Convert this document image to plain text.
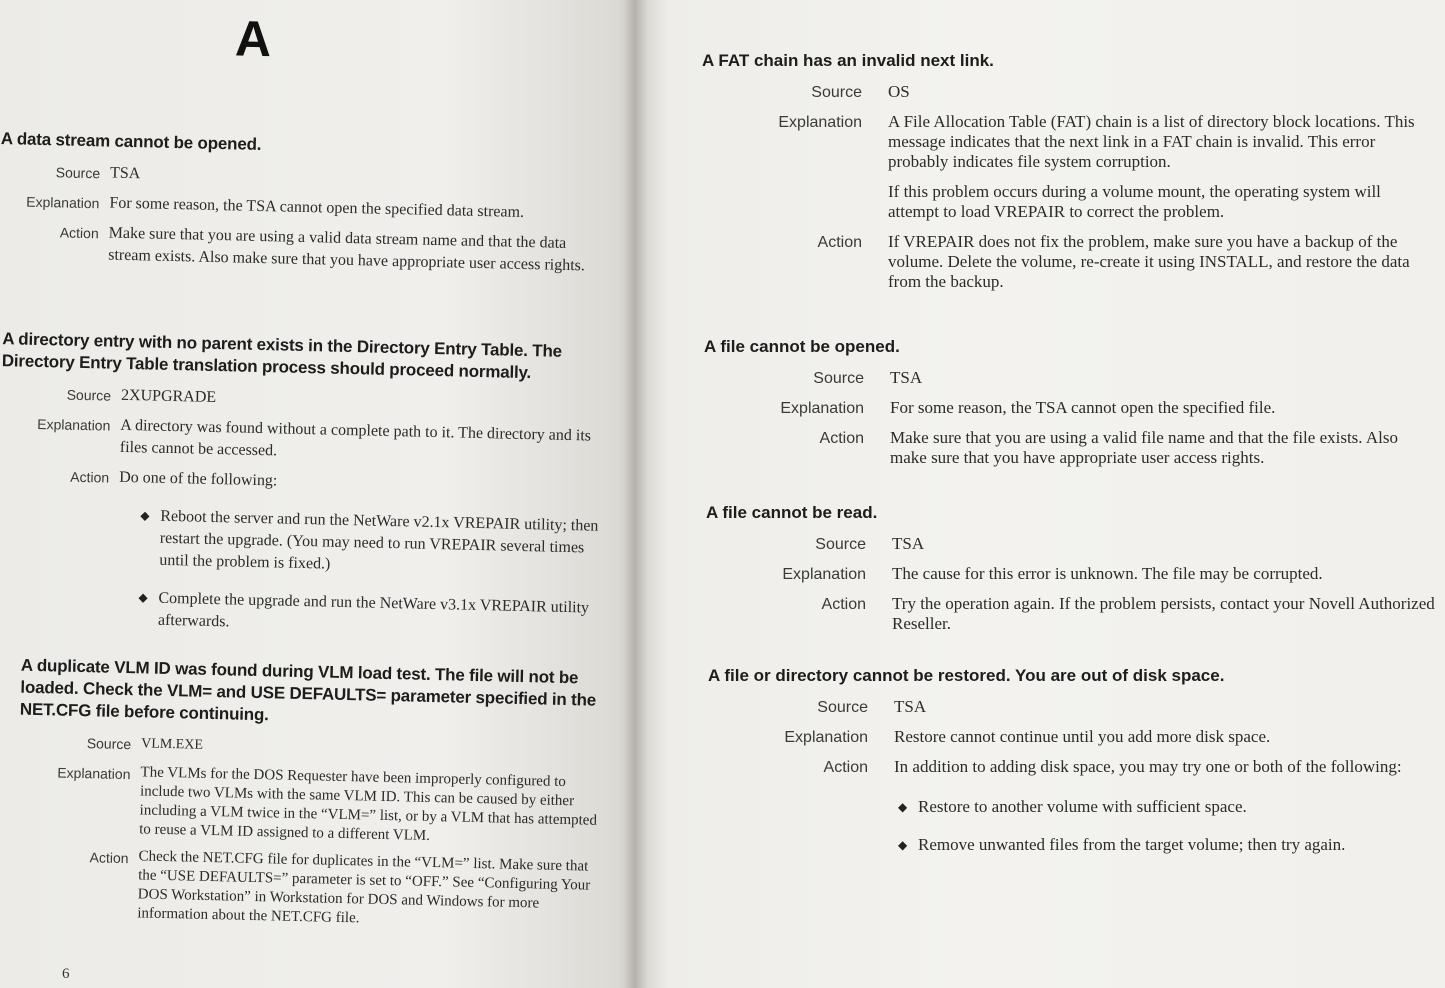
A
A data stream cannot be opened.
Source TSA
Explanation For some reason, the TSA cannot open the specified data stream.
Action Make sure that you are using a valid data stream name and that the data stream exists. Also make sure that you have appropriate user access rights.
A directory entry with no parent exists in the Directory Entry Table. The Directory Entry Table translation process should proceed normally.
Source 2XUPGRADE
Explanation A directory was found without a complete path to it. The directory and its files cannot be accessed.
Action Do one of the following:
◆ Reboot the server and run the NetWare v2.1x VREPAIR utility; then restart the upgrade. (You may need to run VREPAIR several times until the problem is fixed.)
◆ Complete the upgrade and run the NetWare v3.1x VREPAIR utility afterwards.
A duplicate VLM ID was found during VLM load test. The file will not be loaded. Check the VLM= and USE DEFAULTS= parameter specified in the NET.CFG file before continuing.
Source VLM.EXE
Explanation The VLMs for the DOS Requester have been improperly configured to include two VLMs with the same VLM ID. This can be caused by either including a VLM twice in the “VLM=” list, or by a VLM that has attempted to reuse a VLM ID assigned to a different VLM.
Action Check the NET.CFG file for duplicates in the “VLM=” list. Make sure that the “USE DEFAULTS=” parameter is set to “OFF.” See “Configuring Your DOS Workstation” in Workstation for DOS and Windows for more information about the NET.CFG file.
6
A FAT chain has an invalid next link.
Source	OS
Explanation	A File Allocation Table (FAT) chain is a list of directory block locations. This message indicates that the next link in a FAT chain is invalid. This error probably indicates file system corruption.
If this problem occurs during a volume mount, the operating system will attempt to load VREPAIR to correct the problem.
Action	If VREPAIR does not fix the problem, make sure you have a backup of the volume. Delete the volume, re-create it using INSTALL, and restore the data from the backup.
A file cannot be opened.
Source	TSA
Explanation	For some reason, the TSA cannot open the specified file.
Action	Make sure that you are using a valid file name and that the file exists. Also make sure that you have appropriate user access rights.
A file cannot be read.
Source	TSA
Explanation	The cause for this error is unknown. The file may be corrupted.
Action	Try the operation again. If the problem persists, contact your Novell Authorized Reseller.
A file or directory cannot be restored. You are out of disk space.
Source	TSA
Explanation	Restore cannot continue until you add more disk space.
Action	In addition to adding disk space, you may try one or both of the following:
◆ Restore to another volume with sufficient space.
◆ Remove unwanted files from the target volume; then try again.
